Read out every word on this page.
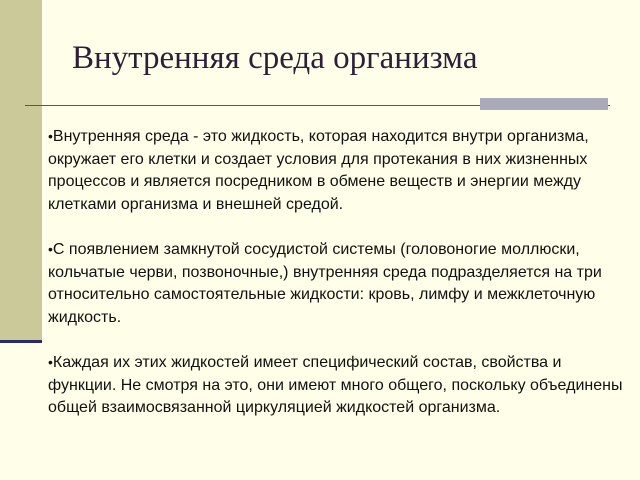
Внутренняя среда организма
•Внутренняя среда - это жидкость, которая находится внутри организма, окружает его клетки и создает условия для протекания в них жизненных процессов и является посредником в обмене веществ и энергии между клетками организма и внешней средой.
•С появлением замкнутой сосудистой системы (головоногие моллюски, кольчатые черви, позвоночные,) внутренняя среда подразделяется на три относительно самостоятельные жидкости: кровь, лимфу и межклеточную жидкость.
•Каждая их этих жидкостей имеет специфический состав, свойства и функции. Не смотря на это, они имеют много общего, поскольку объединены общей взаимосвязанной циркуляцией жидкостей организма.
